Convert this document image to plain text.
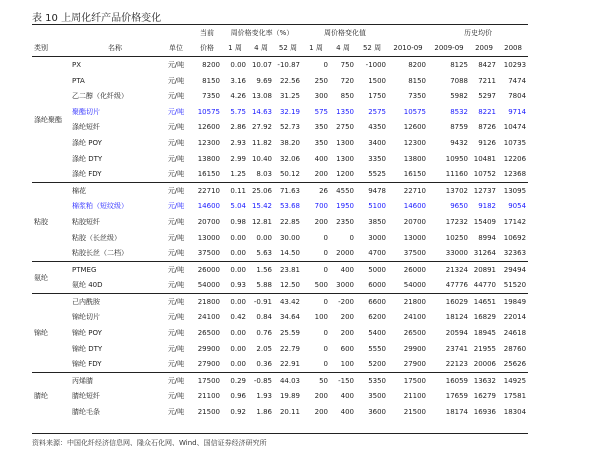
表 10 上周化纤产品价格变化
			当前	周价格变化率（%）			周价格变化值				历史均价		
类别	名称	单位	价格	1 周	4 周	52 周	1 周	4 周	52 周	2010-09	2009-09	2009	2008
涤纶聚酯	PX	元/吨	8200	0.00	10.07	-10.87	0	750	-1000	8200	8125	8427	10293
	PTA	元/吨	8150	3.16	9.69	22.56	250	720	1500	8150	7088	7211	7474
	乙二醇（化纤级）	元/吨	7350	4.26	13.08	31.25	300	850	1750	7350	5982	5297	7804
	聚酯切片	元/吨	10575	5.75	14.63	32.19	575	1350	2575	10575	8532	8221	9714
	涤纶短纤	元/吨	12600	2.86	27.92	52.73	350	2750	4350	12600	8759	8726	10474
	涤纶 POY	元/吨	12300	2.93	11.82	38.20	350	1300	3400	12300	9432	9126	10735
	涤纶 DTY	元/吨	13800	2.99	10.40	32.06	400	1300	3350	13800	10950	10481	12206
	涤纶 FDY	元/吨	16150	1.25	8.03	50.12	200	1200	5525	16150	11160	10752	12368
粘胶	棉花	元/吨	22710	0.11	25.06	71.63	26	4550	9478	22710	13702	12737	13095
	棉浆粕（短纹级）	元/吨	14600	5.04	15.42	53.68	700	1950	5100	14600	9650	9182	9054
	粘胶短纤	元/吨	20700	0.98	12.81	22.85	200	2350	3850	20700	17232	15409	17142
	粘胶（长丝级）	元/吨	13000	0.00	0.00	30.00	0	0	3000	13000	10250	8994	10692
	粘胶长丝（二档）	元/吨	37500	0.00	5.63	14.50	0	2000	4700	37500	33000	31264	32363
氨纶	PTMEG	元/吨	26000	0.00	1.56	23.81	0	400	5000	26000	21324	20891	29494
	氨纶 40D	元/吨	54000	0.93	5.88	12.50	500	3000	6000	54000	47776	44770	51520
锦纶	己内酰胺	元/吨	21800	0.00	-0.91	43.42	0	-200	6600	21800	16029	14651	19849
	锦纶切片	元/吨	24100	0.42	0.84	34.64	100	200	6200	24100	18124	16829	22014
	锦纶 POY	元/吨	26500	0.00	0.76	25.59	0	200	5400	26500	20594	18945	24618
	锦纶 DTY	元/吨	29900	0.00	2.05	22.79	0	600	5550	29900	23741	21955	28760
	锦纶 FDY	元/吨	27900	0.00	0.36	22.91	0	100	5200	27900	22123	20006	25626
腈纶	丙烯腈	元/吨	17500	0.29	-0.85	44.03	50	-150	5350	17500	16059	13632	14925
	腈纶短纤	元/吨	21100	0.96	1.93	19.89	200	400	3500	21100	17659	16279	17581
	腈纶毛条	元/吨	21500	0.92	1.86	20.11	200	400	3600	21500	18174	16936	18304
资料来源：中国化纤经济信息网、隆众石化网、Wind、国信证券经济研究所
